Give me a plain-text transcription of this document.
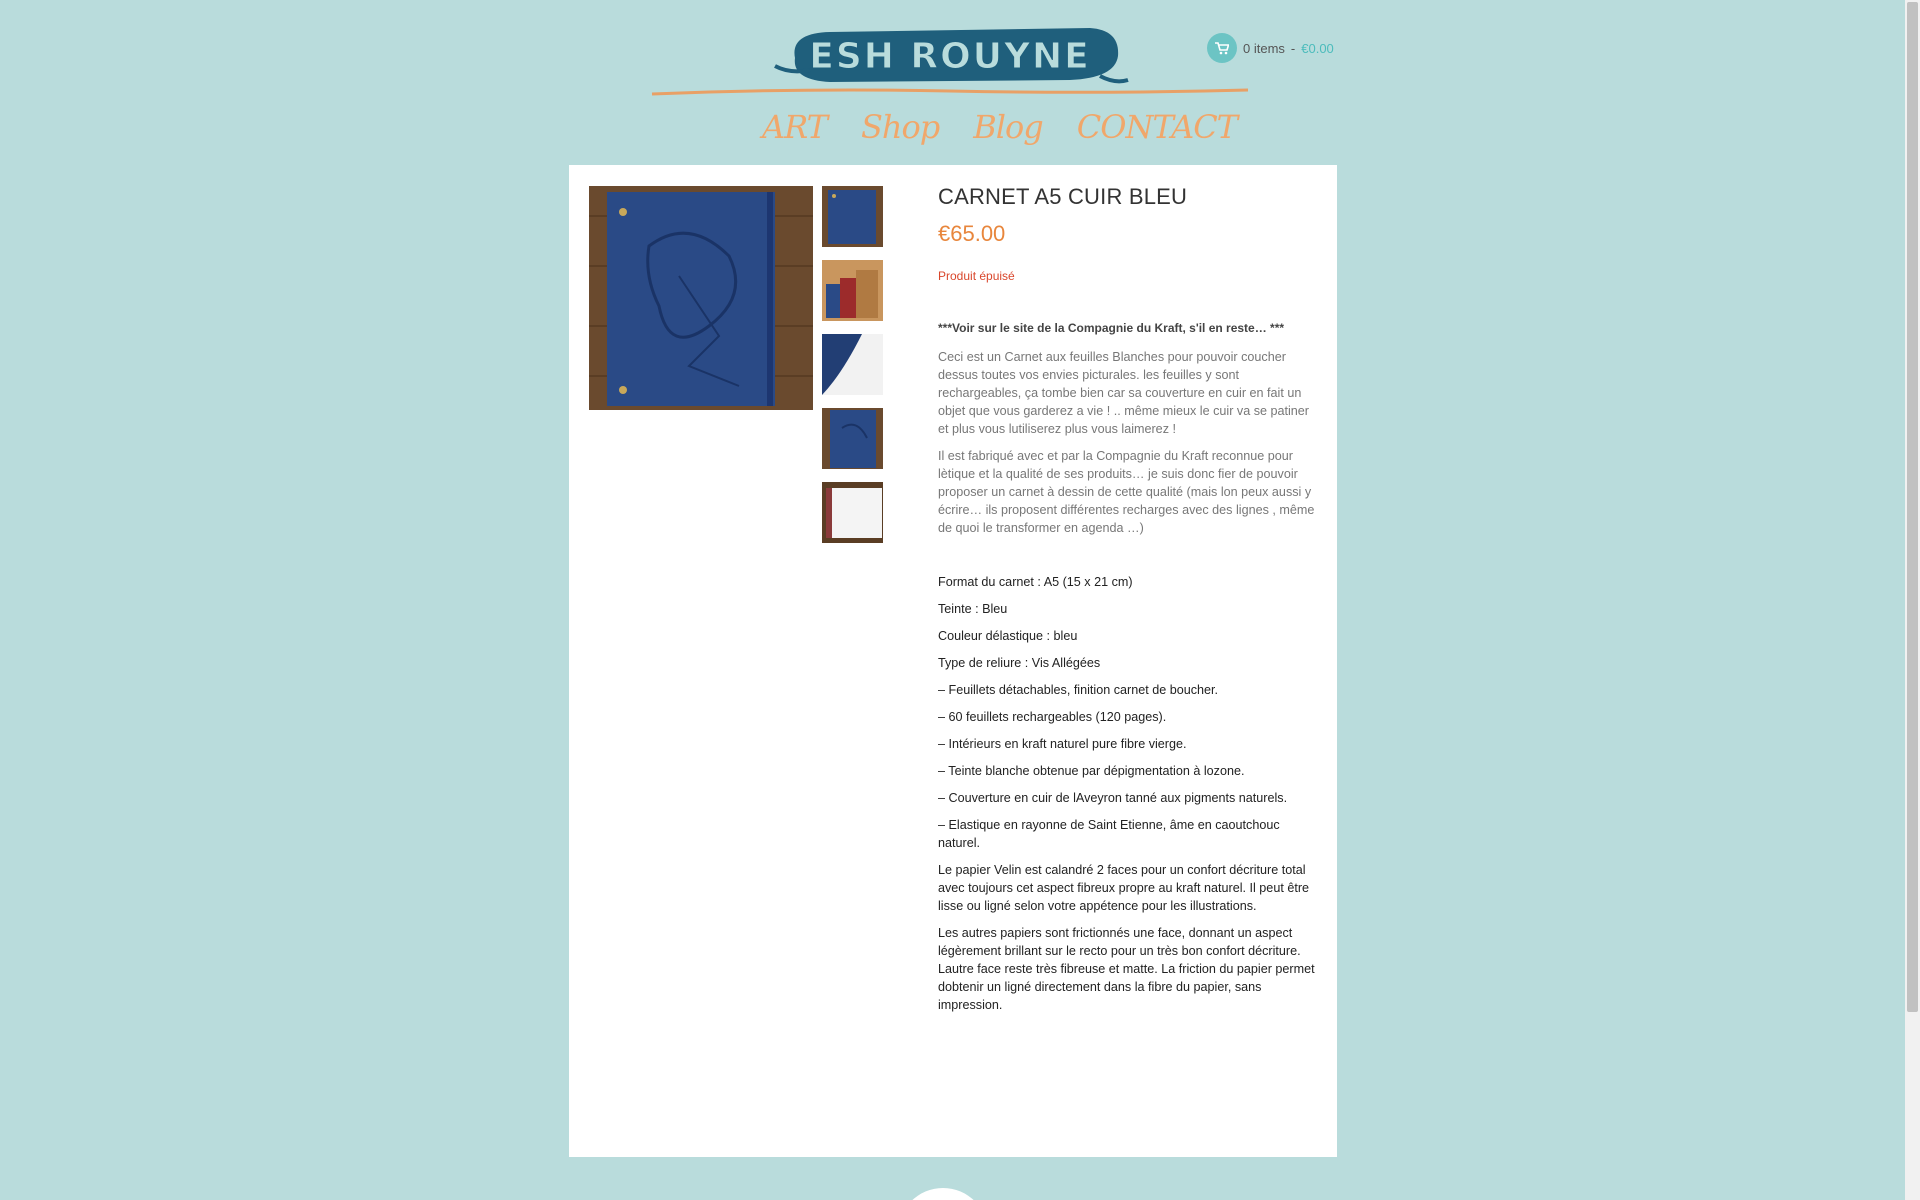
ESH ROUYNE	0 items - €0.00
ART Shop Blog CONTACT
CARNET A5 CUIR BLEU
€65.00
Produit épuisé
***Voir sur le site de la Compagnie du Kraft, s'il en reste… ***

Ceci est un Carnet aux feuilles Blanches pour pouvoir coucher dessus toutes vos envies picturales. les feuilles y sont rechargeables, ça tombe bien car sa couverture en cuir en fait un objet que vous garderez a vie ! .. même mieux le cuir va se patiner et plus vous lutiliserez plus vous laimerez !

Il est fabriqué avec et par la Compagnie du Kraft reconnue pour lètique et la qualité de ses produits… je suis donc fier de pouvoir proposer un carnet à dessin de cette qualité (mais lon peux aussi y écrire… ils proposent différentes recharges avec des lignes , même de quoi le transformer en agenda …)

Format du carnet : A5 (15 x 21 cm)

Teinte : Bleu

Couleur délastique : bleu

Type de reliure : Vis Allégées

– Feuillets détachables, finition carnet de boucher.

– 60 feuillets rechargeables (120 pages).

– Intérieurs en kraft naturel pure fibre vierge.

– Teinte blanche obtenue par dépigmentation à lozone.

– Couverture en cuir de lAveyron tanné aux pigments naturels.

– Elastique en rayonne de Saint Etienne, âme en caoutchouc naturel.

Le papier Velin est calandré 2 faces pour un confort décriture total avec toujours cet aspect fibreux propre au kraft naturel. Il peut être lisse ou ligné selon votre appétence pour les illustrations.

Les autres papiers sont frictionnés une face, donnant un aspect légèrement brillant sur le recto pour un très bon confort décriture. Lautre face reste très fibreuse et matte. La friction du papier permet dobtenir un ligné directement dans la fibre du papier, sans impression.
